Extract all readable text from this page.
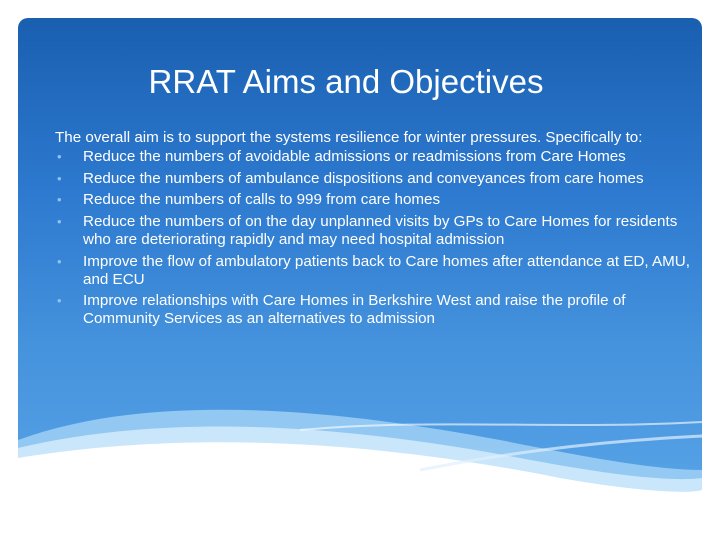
RRAT Aims and Objectives

The overall aim is to support the systems resilience for winter pressures. Specifically to:

• Reduce the numbers of avoidable admissions or readmissions from Care Homes
• Reduce the numbers of ambulance dispositions and conveyances from care homes
• Reduce the numbers of calls to 999 from care homes
• Reduce the numbers of on the day unplanned visits by GPs to Care Homes for residents who are deteriorating rapidly and may need hospital admission
• Improve the flow of ambulatory patients back to Care homes after attendance at ED, AMU, and ECU
• Improve relationships with Care Homes in Berkshire West and raise the profile of Community Services as an alternatives to admission
